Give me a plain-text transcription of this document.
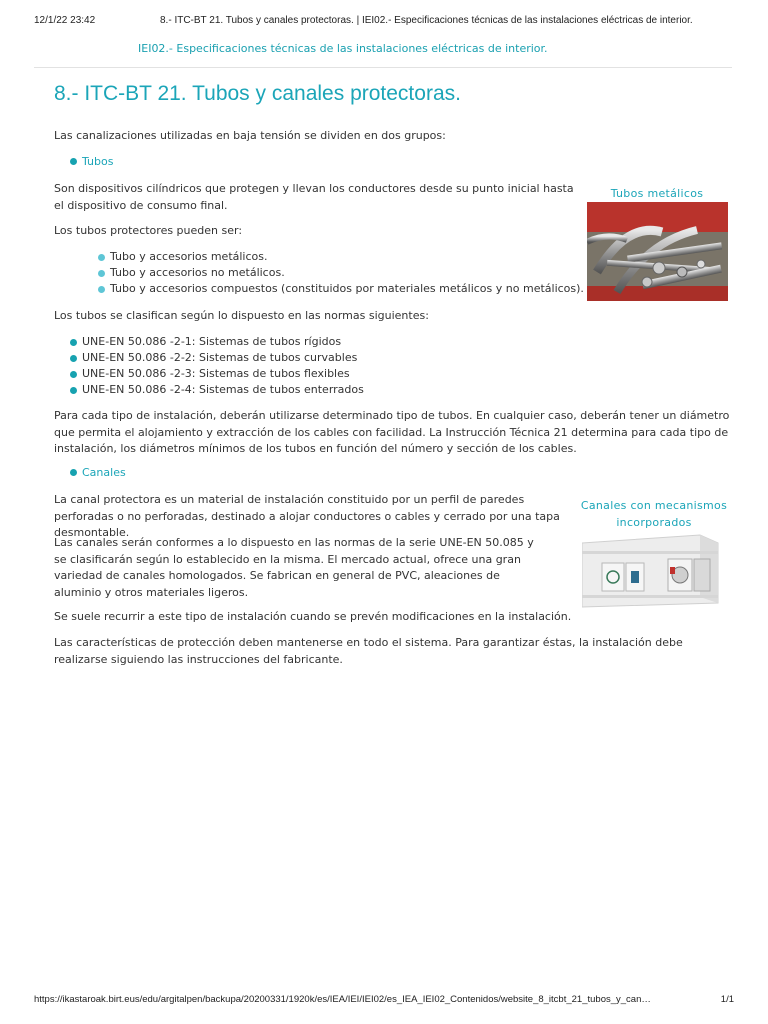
12/1/22 23:42	8.- ITC-BT 21. Tubos y canales protectoras. | IEI02.- Especificaciones técnicas de las instalaciones eléctricas de interior.
IEI02.- Especificaciones técnicas de las instalaciones eléctricas de interior.
8.- ITC-BT 21. Tubos y canales protectoras.

Las canalizaciones utilizadas en baja tensión se dividen en dos grupos:

Tubos

Son dispositivos cilíndricos que protegen y llevan los conductores desde su punto inicial hasta el dispositivo de consumo final.

Los tubos protectores pueden ser:

Tubo y accesorios metálicos.
Tubo y accesorios no metálicos.
Tubo y accesorios compuestos (constituidos por materiales metálicos y no metálicos).

Los tubos se clasifican según lo dispuesto en las normas siguientes:

UNE-EN 50.086 -2-1: Sistemas de tubos rígidos
UNE-EN 50.086 -2-2: Sistemas de tubos curvables
UNE-EN 50.086 -2-3: Sistemas de tubos flexibles
UNE-EN 50.086 -2-4: Sistemas de tubos enterrados

Para cada tipo de instalación, deberán utilizarse determinado tipo de tubos. En cualquier caso, deberán tener un diámetro que permita el alojamiento y extracción de los cables con facilidad. La Instrucción Técnica 21 determina para cada tipo de instalación, los diámetros mínimos de los tubos en función del número y sección de los cables.

Tubos metálicos
Canales

La canal protectora es un material de instalación constituido por un perfil de paredes perforadas o no perforadas, destinado a alojar conductores o cables y cerrado por una tapa desmontable.

Las canales serán conformes a lo dispuesto en las normas de la serie UNE-EN 50.085 y se clasificarán según lo establecido en la misma. El mercado actual, ofrece una gran variedad de canales homologados. Se fabrican en general de PVC, aleaciones de aluminio y otros materiales ligeros.

Se suele recurrir a este tipo de instalación cuando se prevén modificaciones en la instalación.

Las características de protección deben mantenerse en todo el sistema. Para garantizar éstas, la instalación debe realizarse siguiendo las instrucciones del fabricante.

Canales con mecanismos incorporados
https://ikastaroak.birt.eus/edu/argitalpen/backupa/20200331/1920k/es/IEA/IEI/IEI02/es_IEA_IEI02_Contenidos/website_8_itcbt_21_tubos_y_can…	1/1
